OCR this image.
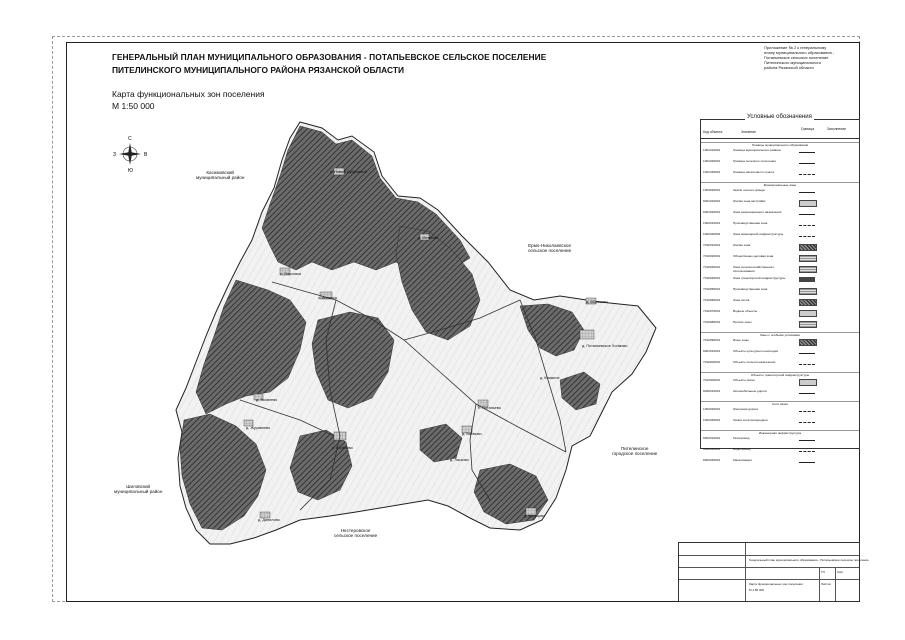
ГЕНЕРАЛЬНЫЙ ПЛАН МУНИЦИПАЛЬНОГО ОБРАЗОВАНИЯ - ПОТАПЬЕВСКОЕ СЕЛЬСКОЕ ПОСЕЛЕНИЕ
ПИТЕЛИНСКОГО МУНИЦИПАЛЬНОГО РАЙОНА РЯЗАНСКОЙ ОБЛАСТИ
Карта функциональных зон поселения
М 1:50 000
Приложение № 2 к генеральному
плану муниципального образования -
Потапьевское сельское поселение
Пителинского муниципального
района Рязанской области
С
Ю
З	В
Касимовский
муниципальный район
Ермо-Николаевское
сельское поселение
Пителинское
городское поселение
Шиловский
муниципальный район
Нестеровское
сельское поселение
п. Новый Дубровный
д. Игнатово
с. Ольховка
с. Аннинка
д. Потапьевское Холмово
д. Морозово
д. Журавлево
д. Яковлево
с. Берёзово
с. Потапьево
д. Бахмово
д. Данилово
д. Кривцово
д. Ласково
д. Княжное
Условные обозначения
Код объекта	Значение
Граница	Заполнение
Границы муниципального образования
1001010001	Граница муниципального района
1001020001	Граница сельского поселения
1001030001	Граница населенного пункта
Функциональные зоны
1003020001	Земли лесного фонда
6001010001	Жилая зона застройки
6001020001	Зона рекреационного назначения
1002010001	Производственная зона
1002020002	Зона инженерной инфраструктуры
7010010001	Жилая зона
7010020001	Общественно-деловая зона
7010030001	Зона сельскохозяйственного использования
7010040001	Зона транспортной инфраструктуры
7010050001	Производственная зона
7010060001	Зона лесов
7010070001	Водные объекты
7010080001	Прочие зоны
Зоны с особыми условиями
7010090001	Иные зоны
6001010001	Объекты культурного наследия
7010200001	Объекты сельхоз назначения
Объекты транспортной инфраструктуры
7010300001	Объекты связи
6020010001	Автомобильные дороги
Сети связи
1002020001	Железная дорога
1002030001	Линии электропередачи
Инженерная инфраструктура
6002010001	Газопровод
6002020001	Водопровод
6002030001	Канализация
Генеральный план муниципального образования - Потапьевское сельское поселение
Карта функциональных зон поселения
М 1:50 000
ГП	Лист
Листов
